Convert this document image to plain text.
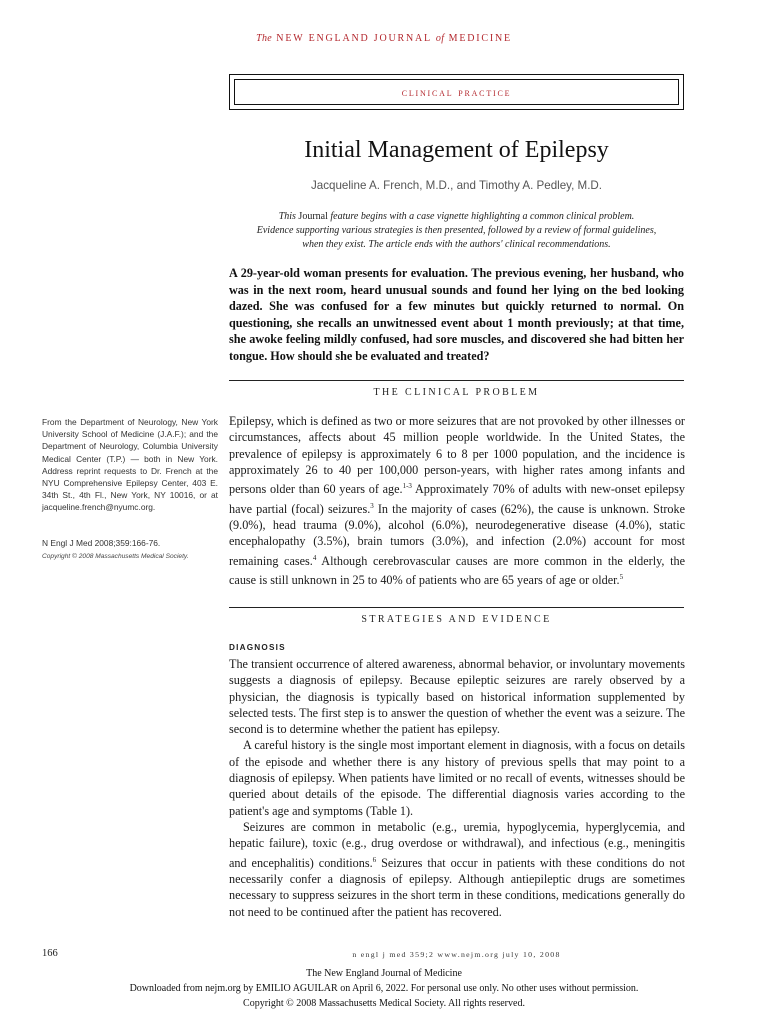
The NEW ENGLAND JOURNAL of MEDICINE
clinical practice
Initial Management of Epilepsy
Jacqueline A. French, M.D., and Timothy A. Pedley, M.D.
This Journal feature begins with a case vignette highlighting a common clinical problem.
Evidence supporting various strategies is then presented, followed by a review of formal guidelines,
when they exist. The article ends with the authors' clinical recommendations.
A 29-year-old woman presents for evaluation. The previous evening, her husband, who was in the next room, heard unusual sounds and found her lying on the bed looking dazed. She was confused for a few minutes but quickly returned to normal. On questioning, she recalls an unwitnessed event about 1 month previously; at that time, she awoke feeling mildly confused, had sore muscles, and discovered she had bitten her tongue. How should she be evaluated and treated?
THE CLINICAL PROBLEM

Epilepsy, which is defined as two or more seizures that are not provoked by other illnesses or circumstances, affects about 45 million people worldwide. In the United States, the prevalence of epilepsy is approximately 6 to 8 per 1000 population, and the incidence is approximately 26 to 40 per 100,000 person-years, with higher rates among infants and persons older than 60 years of age.$^{1-3}$ Approximately 70% of adults with new-onset epilepsy have partial (focal) seizures.$^3$ In the majority of cases (62%), the cause is unknown. Stroke (9.0%), head trauma (9.0%), alcohol (6.0%), neurodegenerative disease (4.0%), static encephalopathy (3.5%), brain tumors (3.0%), and infection (2.0%) account for most remaining cases.$^4$ Although cerebrovascular causes are more common in the elderly, the cause is still unknown in 25 to 40% of patients who are 65 years of age or older.$^5$

From the Department of Neurology, New York University School of Medicine (J.A.F.); and the Department of Neurology, Columbia University Medical Center (T.P.) — both in New York. Address reprint requests to Dr. French at the NYU Comprehensive Epilepsy Center, 403 E. 34th St., 4th Fl., New York, NY 10016, or at jacqueline.french@nyumc.org.
N Engl J Med 2008;359:166-76.
Copyright © 2008 Massachusetts Medical Society.
STRATEGIES AND EVIDENCE
DIAGNOSIS

The transient occurrence of altered awareness, abnormal behavior, or involuntary movements suggests a diagnosis of epilepsy. Because epileptic seizures are rarely observed by a physician, the diagnosis is typically based on historical information supplemented by selected tests. The first step is to answer the question of whether the event was a seizure. The second is to determine whether the patient has epilepsy.

A careful history is the single most important element in diagnosis, with a focus on details of the episode and whether there is any history of previous spells that may point to a diagnosis of epilepsy. When patients have limited or no recall of events, witnesses should be queried about details of the episode. The differential diagnosis varies according to the patient's age and symptoms (Table 1).

Seizures are common in metabolic (e.g., uremia, hypoglycemia, hyperglycemia, and hepatic failure), toxic (e.g., drug overdose or withdrawal), and infectious (e.g., meningitis and encephalitis) conditions.$^6$ Seizures that occur in patients with these conditions do not necessarily confer a diagnosis of epilepsy. Although antiepileptic drugs are sometimes necessary to suppress seizures in the short term in these conditions, medications generally do not need to be continued after the patient has recovered.

166	n engl j med 359;2 www.nejm.org july 10, 2008
The New England Journal of Medicine
Downloaded from nejm.org by EMILIO AGUILAR on April 6, 2022. For personal use only. No other uses without permission.
Copyright © 2008 Massachusetts Medical Society. All rights reserved.
